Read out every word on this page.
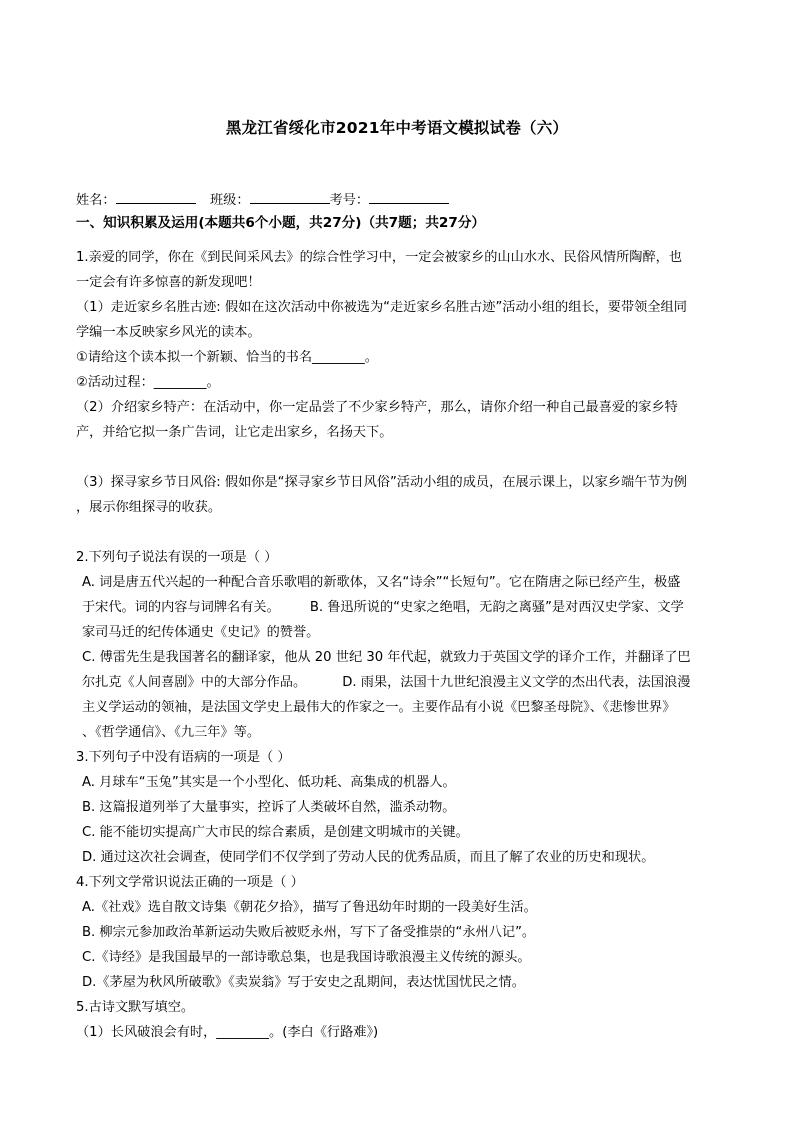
黑龙江省绥化市2021年中考语文模拟试卷（六）
姓名：	班级：	考号：
一、知识积累及运用(本题共6个小题，共27分)（共7题；共27分）
1.亲爱的同学，你在《到民间采风去》的综合性学习中，一定会被家乡的山山水水、民俗风情所陶醉，也
一定会有许多惊喜的新发现吧！
（1）走近家乡名胜古迹: 假如在这次活动中你被选为“走近家乡名胜古迹”活动小组的组长，要带领全组同
学编一本反映家乡风光的读本。
①请给这个读本拟一个新颖、恰当的书名________。
②活动过程：________。
（2）介绍家乡特产：在活动中，你一定品尝了不少家乡特产，那么，请你介绍一种自己最喜爱的家乡特
产，并给它拟一条广告词，让它走出家乡，名扬天下。
（3）探寻家乡节日风俗: 假如你是“探寻家乡节日风俗”活动小组的成员，在展示课上，以家乡端午节为例
，展示你组探寻的收获。
2.下列句子说法有误的一项是（ ）
A. 词是唐五代兴起的一种配合音乐歌唱的新歌体，又名“诗余”“长短句”。它在隋唐之际已经产生，极盛
于宋代。词的内容与词牌名有关。 B. 鲁迅所说的“史家之绝唱，无韵之离骚”是对西汉史学家、文学
家司马迁的纪传体通史《史记》的赞誉。
C. 傅雷先生是我国著名的翻译家，他从 20 世纪 30 年代起，就致力于英国文学的译介工作，并翻译了巴
尔扎克《人间喜剧》中的大部分作品。	D. 雨果，法国十九世纪浪漫主义文学的杰出代表，法国浪漫
主义学运动的领袖，是法国文学史上最伟大的作家之一。主要作品有小说《巴黎圣母院》、《悲惨世界》
、《哲学通信》、《九三年》等。
3.下列句子中没有语病的一项是（ ）
A. 月球车“玉兔”其实是一个小型化、低功耗、高集成的机器人。
B. 这篇报道列举了大量事实，控诉了人类破坏自然，滥杀动物。
C. 能不能切实提高广大市民的综合素质，是创建文明城市的关键。
D. 通过这次社会调查，使同学们不仅学到了劳动人民的优秀品质，而且了解了农业的历史和现状。
4.下列文学常识说法正确的一项是（ ）
A.《社戏》选自散文诗集《朝花夕拾》，描写了鲁迅幼年时期的一段美好生活。
B. 柳宗元参加政治革新运动失败后被贬永州，写下了备受推崇的“永州八记”。
C.《诗经》是我国最早的一部诗歌总集，也是我国诗歌浪漫主义传统的源头。
D.《茅屋为秋风所破歌》《卖炭翁》写于安史之乱期间，表达忧国忧民之情。
5.古诗文默写填空。
（1）长风破浪会有时，________。(李白《行路难》)
